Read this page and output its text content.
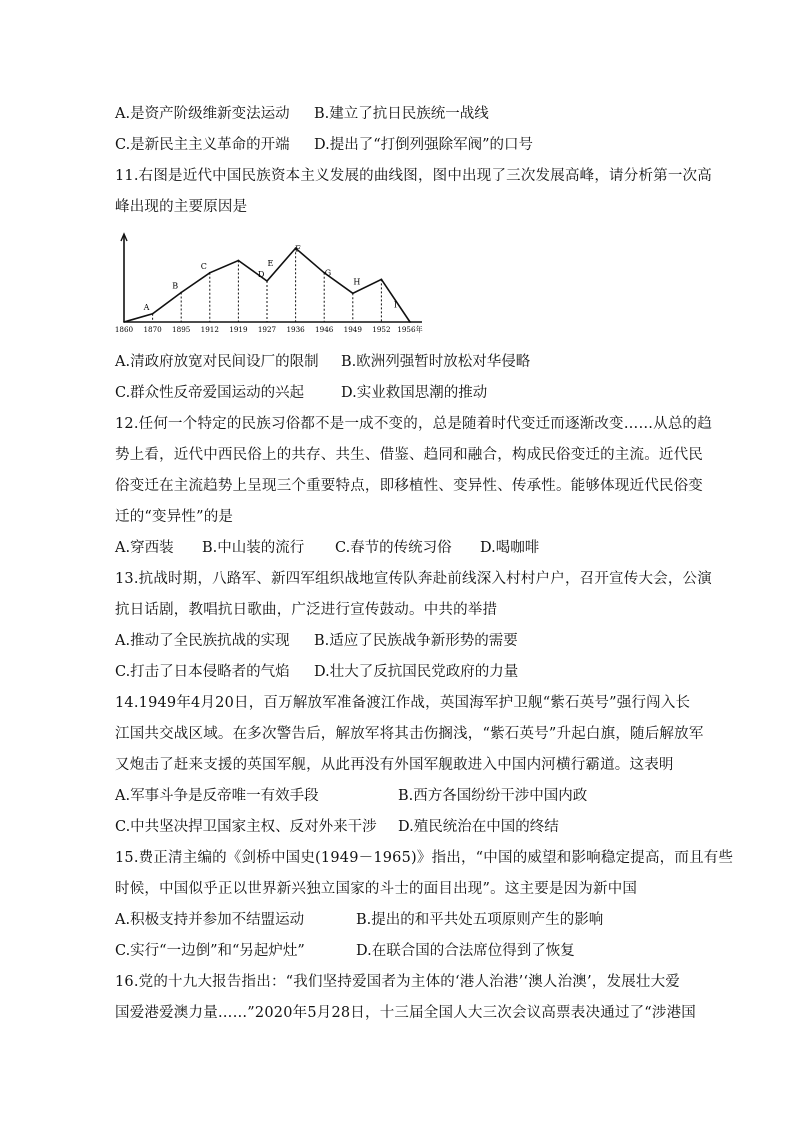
A.是资产阶级维新变法运动 B.建立了抗日民族统一战线
C.是新民主主义革命的开端 D.提出了“打倒列强除军阀”的口号
11.右图是近代中国民族资本主义发展的曲线图，图中出现了三次发展高峰，请分析第一次高
峰出现的主要原因是
A
B
C
D
E
F
G
H
I
1860 1870 1895 1912 1919 1927 1936 1946 1949 1952 1956年
A.清政府放宽对民间设厂的限制 B.欧洲列强暂时放松对华侵略
C.群众性反帝爱国运动的兴起	D.实业救国思潮的推动
12.任何一个特定的民族习俗都不是一成不变的，总是随着时代变迁而逐渐改变……从总的趋
势上看，近代中西民俗上的共存、共生、借鉴、趋同和融合，构成民俗变迁的主流。近代民
俗变迁在主流趋势上呈现三个重要特点，即移植性、变异性、传承性。能够体现近代民俗变
迁的“变异性”的是
A.穿西装 B.中山装的流行 C.春节的传统习俗 D.喝咖啡
13.抗战时期，八路军、新四军组织战地宣传队奔赴前线深入村村户户，召开宣传大会，公演
抗日话剧，教唱抗日歌曲，广泛进行宣传鼓动。中共的举措
A.推动了全民族抗战的实现 B.适应了民族战争新形势的需要
C.打击了日本侵略者的气焰 D.壮大了反抗国民党政府的力量
14.1949年4月20日，百万解放军准备渡江作战，英国海军护卫舰“紫石英号”强行闯入长
江国共交战区域。在多次警告后，解放军将其击伤搁浅，“紫石英号”升起白旗，随后解放军
又炮击了赶来支援的英国军舰，从此再没有外国军舰敢进入中国内河横行霸道。这表明
A.军事斗争是反帝唯一有效手段	B.西方各国纷纷干涉中国内政
C.中共坚决捍卫国家主权、反对外来干涉 D.殖民统治在中国的终结
15.费正清主编的《剑桥中国史(1949－1965)》指出，“中国的威望和影响稳定提高，而且有些
时候，中国似乎正以世界新兴独立国家的斗士的面目出现”。这主要是因为新中国
A.积极支持并参加不结盟运动	B.提出的和平共处五项原则产生的影响
C.实行“一边倒”和“另起炉灶”	D.在联合国的合法席位得到了恢复
16.党的十九大报告指出：“我们坚持爱国者为主体的‘港人治港’‘澳人治澳’，发展壮大爱
国爱港爱澳力量……”2020年5月28日，十三届全国人大三次会议高票表决通过了“涉港国
